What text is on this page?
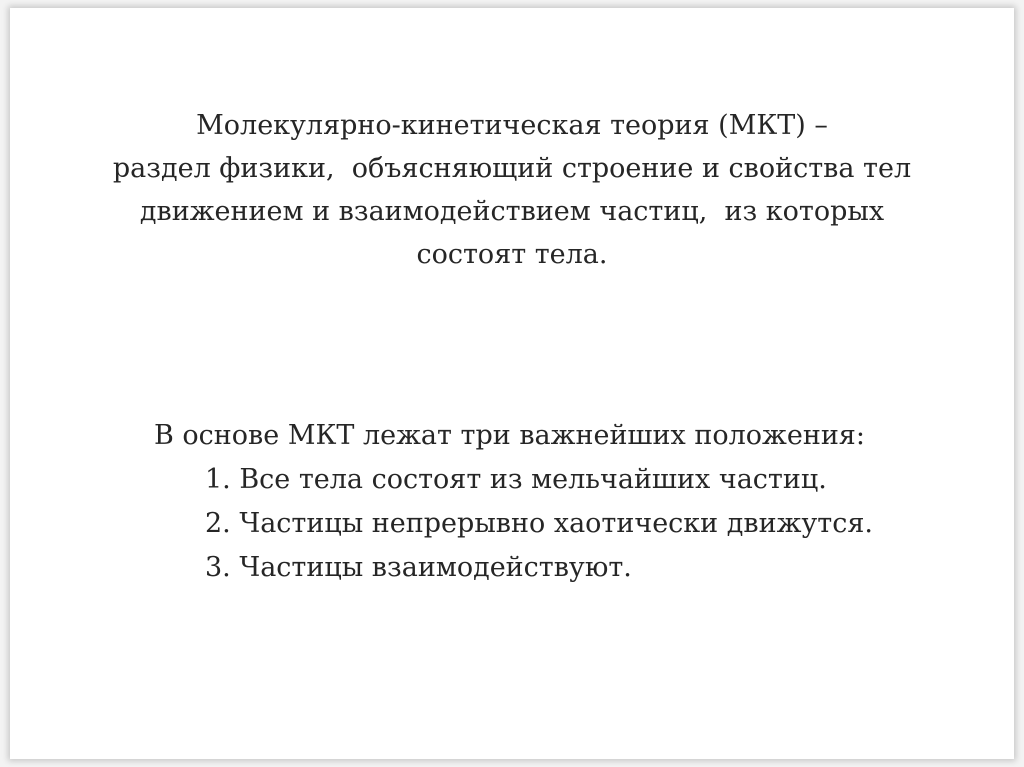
Молекулярно-кинетическая теория (МКТ) –
раздел физики,  объясняющий строение и свойства тел
движением и взаимодействием частиц,  из которых
состоят тела.
В основе МКТ лежат три важнейших положения:
1. Все тела состоят из мельчайших частиц.
2. Частицы непрерывно хаотически движутся.
3. Частицы взаимодействуют.
